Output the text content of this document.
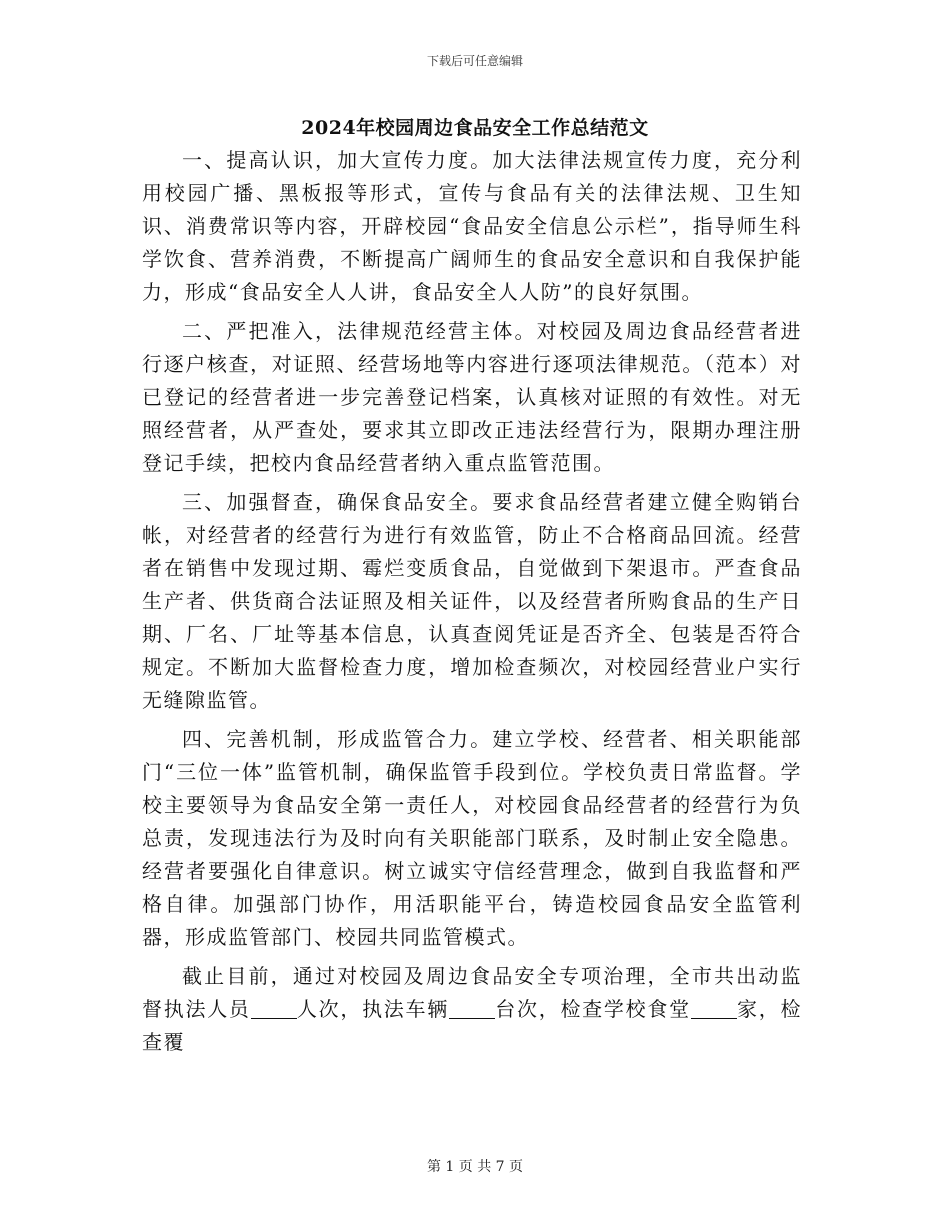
下载后可任意编辑
2024年校园周边食品安全工作总结范文

一、提高认识，加大宣传力度。加大法律法规宣传力度，充分利用校园广播、黑板报等形式，宣传与食品有关的法律法规、卫生知识、消费常识等内容，开辟校园“食品安全信息公示栏”，指导师生科学饮食、营养消费，不断提高广阔师生的食品安全意识和自我保护能力，形成“食品安全人人讲，食品安全人人防”的良好氛围。

二、严把准入，法律规范经营主体。对校园及周边食品经营者进行逐户核查，对证照、经营场地等内容进行逐项法律规范。（范本）对已登记的经营者进一步完善登记档案，认真核对证照的有效性。对无照经营者，从严查处，要求其立即改正违法经营行为，限期办理注册登记手续，把校内食品经营者纳入重点监管范围。

三、加强督查，确保食品安全。要求食品经营者建立健全购销台帐，对经营者的经营行为进行有效监管，防止不合格商品回流。经营者在销售中发现过期、霉烂变质食品，自觉做到下架退市。严查食品生产者、供货商合法证照及相关证件，以及经营者所购食品的生产日期、厂名、厂址等基本信息，认真查阅凭证是否齐全、包装是否符合规定。不断加大监督检查力度，增加检查频次，对校园经营业户实行无缝隙监管。

四、完善机制，形成监管合力。建立学校、经营者、相关职能部门“三位一体”监管机制，确保监管手段到位。学校负责日常监督。学校主要领导为食品安全第一责任人，对校园食品经营者的经营行为负总责，发现违法行为及时向有关职能部门联系，及时制止安全隐患。经营者要强化自律意识。树立诚实守信经营理念，做到自我监督和严格自律。加强部门协作，用活职能平台，铸造校园食品安全监管利器，形成监管部门、校园共同监管模式。

截止目前，通过对校园及周边食品安全专项治理，全市共出动监督执法人员 人次，执法车辆 台次，检查学校食堂 家，检查覆

第 1 页 共 7 页
